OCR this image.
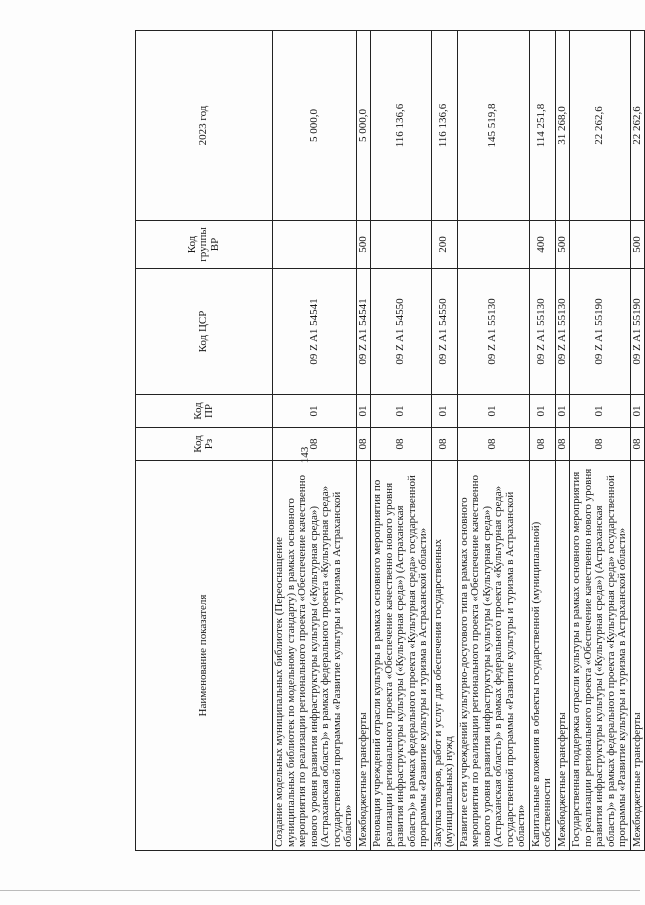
143
Наименование показателя	Код Рз	Код ПР	Код ЦСР	Код группы ВР	2023 год
Создание модельных муниципальных библиотек (Переоснащение муниципальных библиотек по модельному стандарту) в рамках основного мероприятия по реализации регионального проекта «Обеспечение качественно нового уровня развития инфраструктуры культуры («Культурная среда») (Астраханская область)» в рамках федерального проекта «Культурная среда» государственной программы «Развитие культуры и туризма в Астраханской области»	08	01	09 Z A1 54541		5 000,0
Межбюджетные трансферты	08	01	09 Z A1 54541	500	5 000,0
Реновация учреждений отрасли культуры в рамках основного мероприятия по реализации регионального проекта «Обеспечение качественно нового уровня развития инфраструктуры культуры («Культурная среда») (Астраханская область)» в рамках федерального проекта «Культурная среда» государственной программы «Развитие культуры и туризма в Астраханской области»	08	01	09 Z A1 54550		116 136,6
Закупка товаров, работ и услуг для обеспечения государственных (муниципальных) нужд	08	01	09 Z A1 54550	200	116 136,6
Развитие сети учреждений культурно-досугового типа в рамках основного мероприятия по реализации регионального проекта «Обеспечение качественно нового уровня развития инфраструктуры культуры («Культурная среда») (Астраханская область)» в рамках федерального проекта «Культурная среда» государственной программы «Развитие культуры и туризма в Астраханской области»	08	01	09 Z A1 55130		145 519,8
Капитальные вложения в объекты государственной (муниципальной) собственности	08	01	09 Z A1 55130	400	114 251,8
Межбюджетные трансферты	08	01	09 Z A1 55130	500	31 268,0
Государственная поддержка отрасли культуры в рамках основного мероприятия по реализации регионального проекта «Обеспечение качественно нового уровня развития инфраструктуры культуры («Культурная среда») (Астраханская область)» в рамках федерального проекта «Культурная среда» государственной программы «Развитие культуры и туризма в Астраханской области»	08	01	09 Z A1 55190		22 262,6
Межбюджетные трансферты	08	01	09 Z A1 55190	500	22 262,6
